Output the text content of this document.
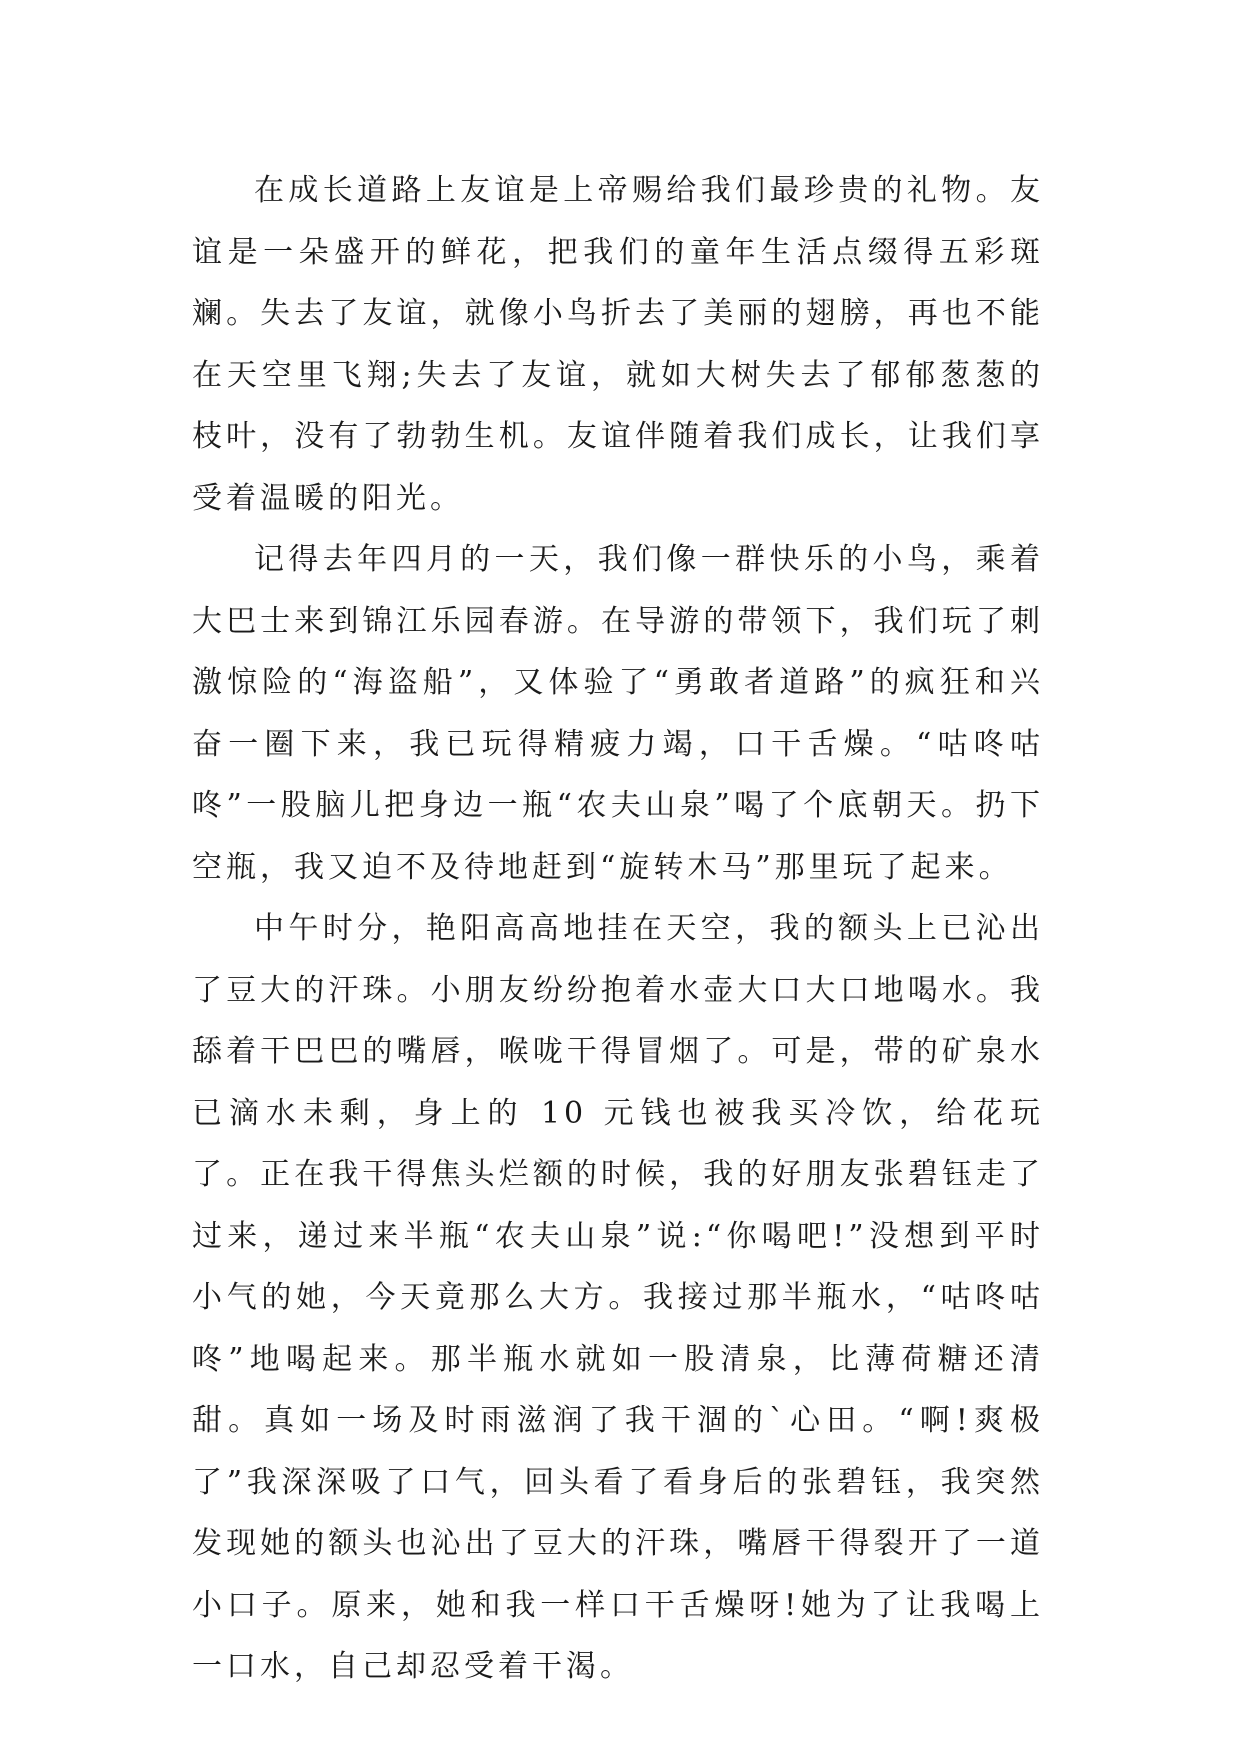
在成长道路上友谊是上帝赐给我们最珍贵的礼物。友谊是一朵盛开的鲜花，把我们的童年生活点缀得五彩斑斓。失去了友谊，就像小鸟折去了美丽的翅膀，再也不能在天空里飞翔;失去了友谊，就如大树失去了郁郁葱葱的枝叶，没有了勃勃生机。友谊伴随着我们成长，让我们享受着温暖的阳光。

记得去年四月的一天，我们像一群快乐的小鸟，乘着大巴士来到锦江乐园春游。在导游的带领下，我们玩了刺激惊险的“海盗船”，又体验了“勇敢者道路”的疯狂和兴奋一圈下来，我已玩得精疲力竭，口干舌燥。“咕咚咕咚”一股脑儿把身边一瓶“农夫山泉”喝了个底朝天。扔下空瓶，我又迫不及待地赶到“旋转木马”那里玩了起来。

中午时分，艳阳高高地挂在天空，我的额头上已沁出了豆大的汗珠。小朋友纷纷抱着水壶大口大口地喝水。我舔着干巴巴的嘴唇，喉咙干得冒烟了。可是，带的矿泉水已滴水未剩，身上的 10 元钱也被我买冷饮，给花玩了。正在我干得焦头烂额的时候，我的好朋友张碧钰走了过来，递过来半瓶“农夫山泉”说:“你喝吧!”没想到平时小气的她，今天竟那么大方。我接过那半瓶水，“咕咚咕咚”地喝起来。那半瓶水就如一股清泉，比薄荷糖还清甜。真如一场及时雨滋润了我干涸的`心田。“啊!爽极了”我深深吸了口气，回头看了看身后的张碧钰，我突然发现她的额头也沁出了豆大的汗珠，嘴唇干得裂开了一道小口子。原来，她和我一样口干舌燥呀!她为了让我喝上一口水，自己却忍受着干渴。
